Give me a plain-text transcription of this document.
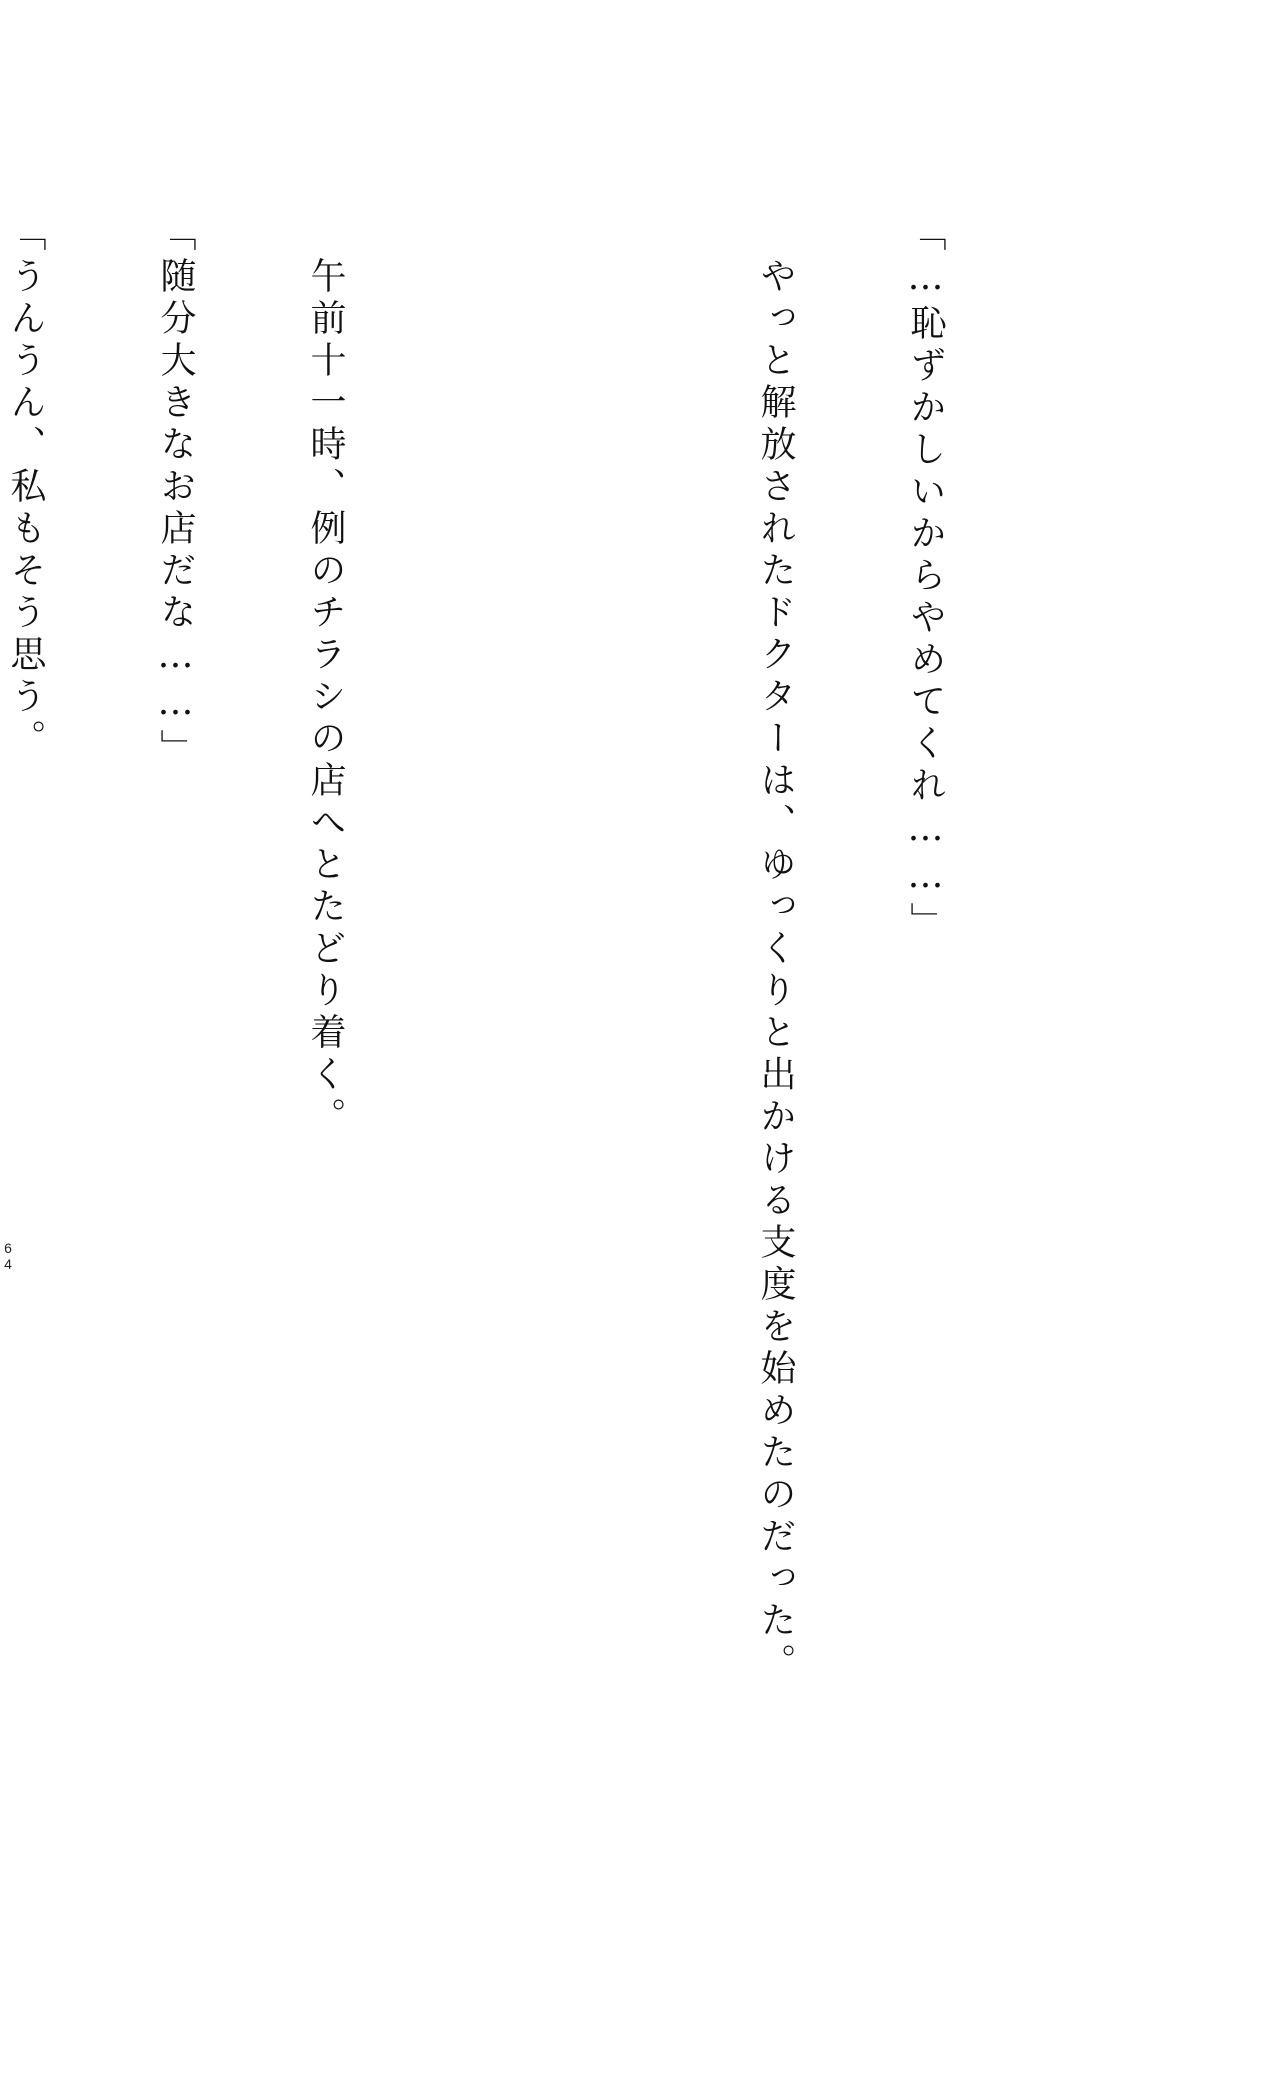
「…恥ずかしいからやめてくれ……」

　やっと解放されたドクターは、ゆっくりと出かける支度を始めたのだった。

　午前十一時、例のチラシの店へとたどり着く。

「随分大きなお店だな……」

「うんうん、私もそう思う。

64
